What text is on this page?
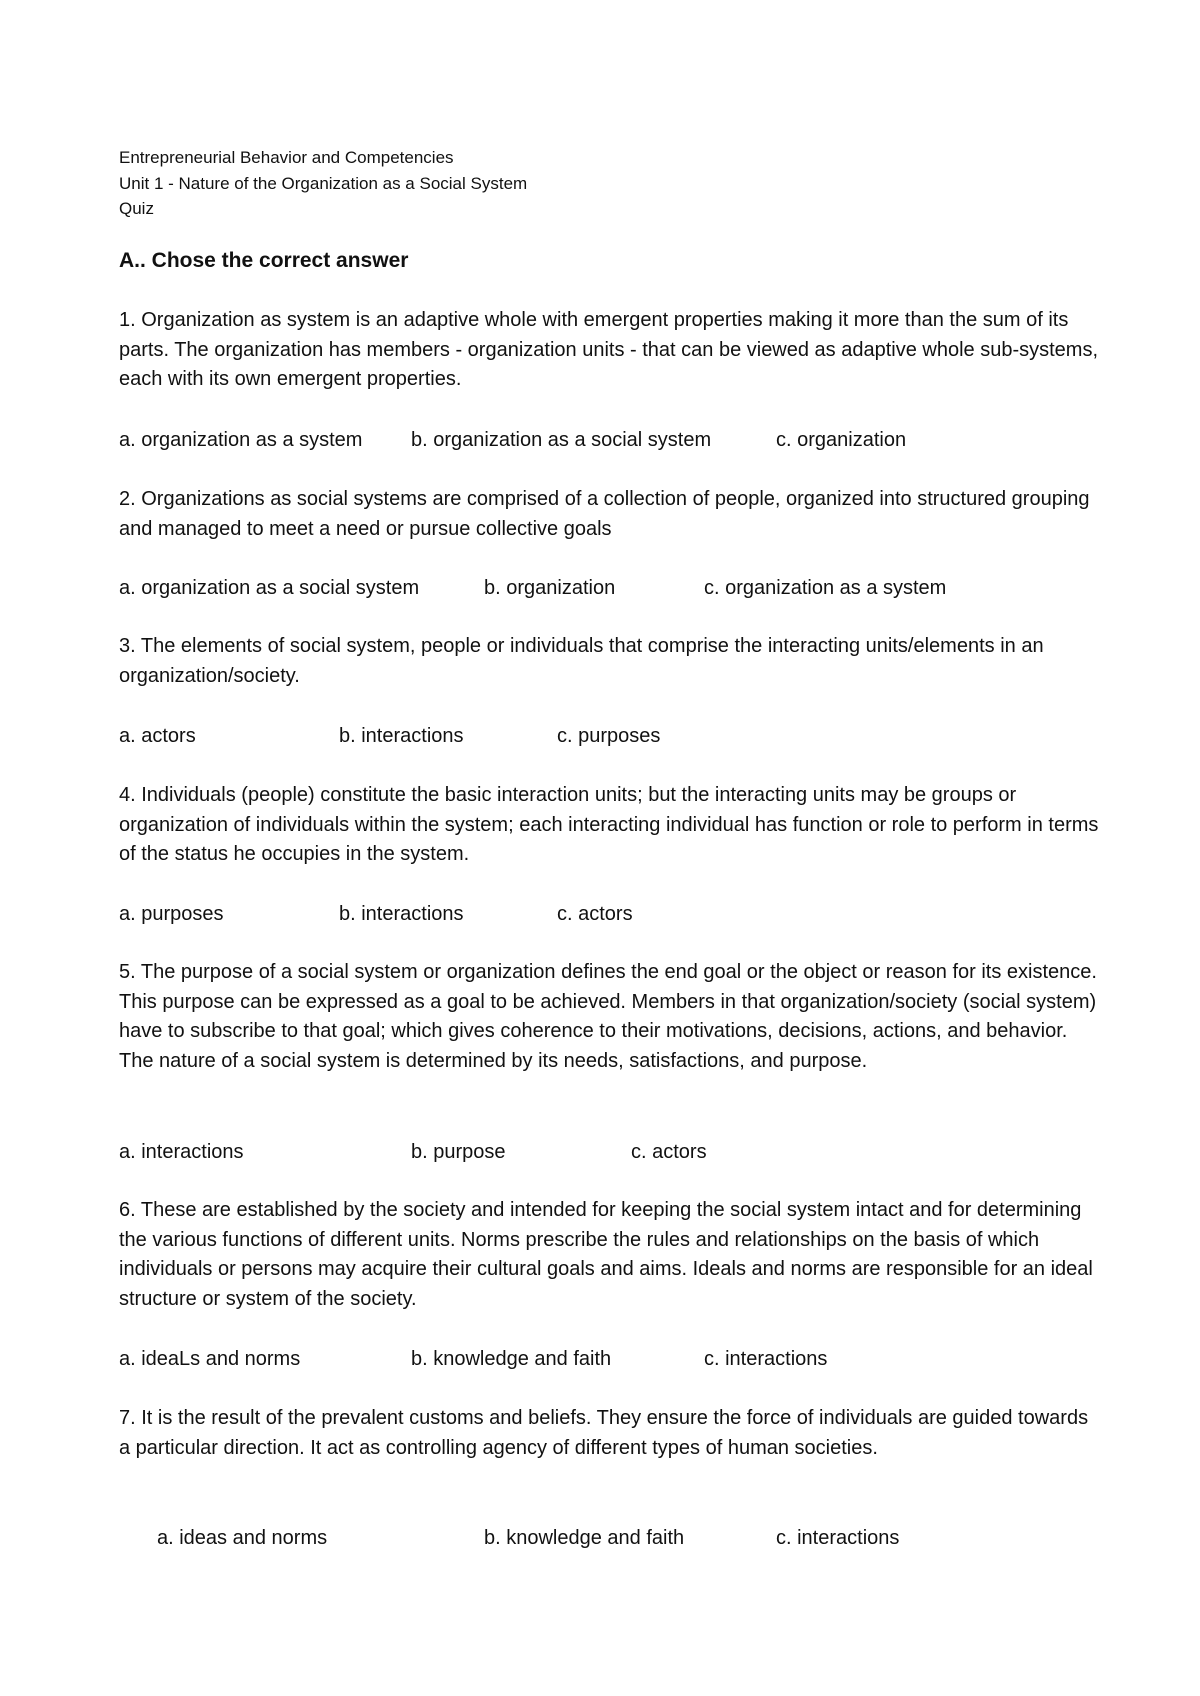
Entrepreneurial Behavior and Competencies
Unit 1 - Nature of the Organization as a Social System
Quiz
A.. Chose the correct answer

1. Organization as system is an adaptive whole with emergent properties making it more than the sum of its parts. The organization has members - organization units - that can be viewed as adaptive whole sub-systems, each with its own emergent properties.

a. organization as a system b. organization as a social system	c. organization

2. Organizations as social systems are comprised of a collection of people, organized into structured grouping and managed to meet a need or pursue collective goals

a. organization as a social system	b. organization	c. organization as a system

3. The elements of social system, people or individuals that comprise the interacting units/elements in an organization/society.

a. actors	b. interactions	c. purposes

4. Individuals (people) constitute the basic interaction units; but the interacting units may be groups or organization of individuals within the system; each interacting individual has function or role to perform in terms of the status he occupies in the system.

a. purposes	b. interactions	c. actors

5. The purpose of a social system or organization defines the end goal or the object or reason for its existence. This purpose can be expressed as a goal to be achieved. Members in that organization/society (social system) have to subscribe to that goal; which gives coherence to their motivations, decisions, actions, and behavior. The nature of a social system is determined by its needs, satisfactions, and purpose.

a. interactions	b. purpose	c. actors

6. These are established by the society and intended for keeping the social system intact and for determining the various functions of different units. Norms prescribe the rules and relationships on the basis of which individuals or persons may acquire their cultural goals and aims. Ideals and norms are responsible for an ideal structure or system of the society.

a. ideaLs and norms	b. knowledge and faith	c. interactions

7. It is the result of the prevalent customs and beliefs. They ensure the force of individuals are guided towards a particular direction. It act as controlling agency of different types of human societies.

a. ideas and norms	b. knowledge and faith	c. interactions
